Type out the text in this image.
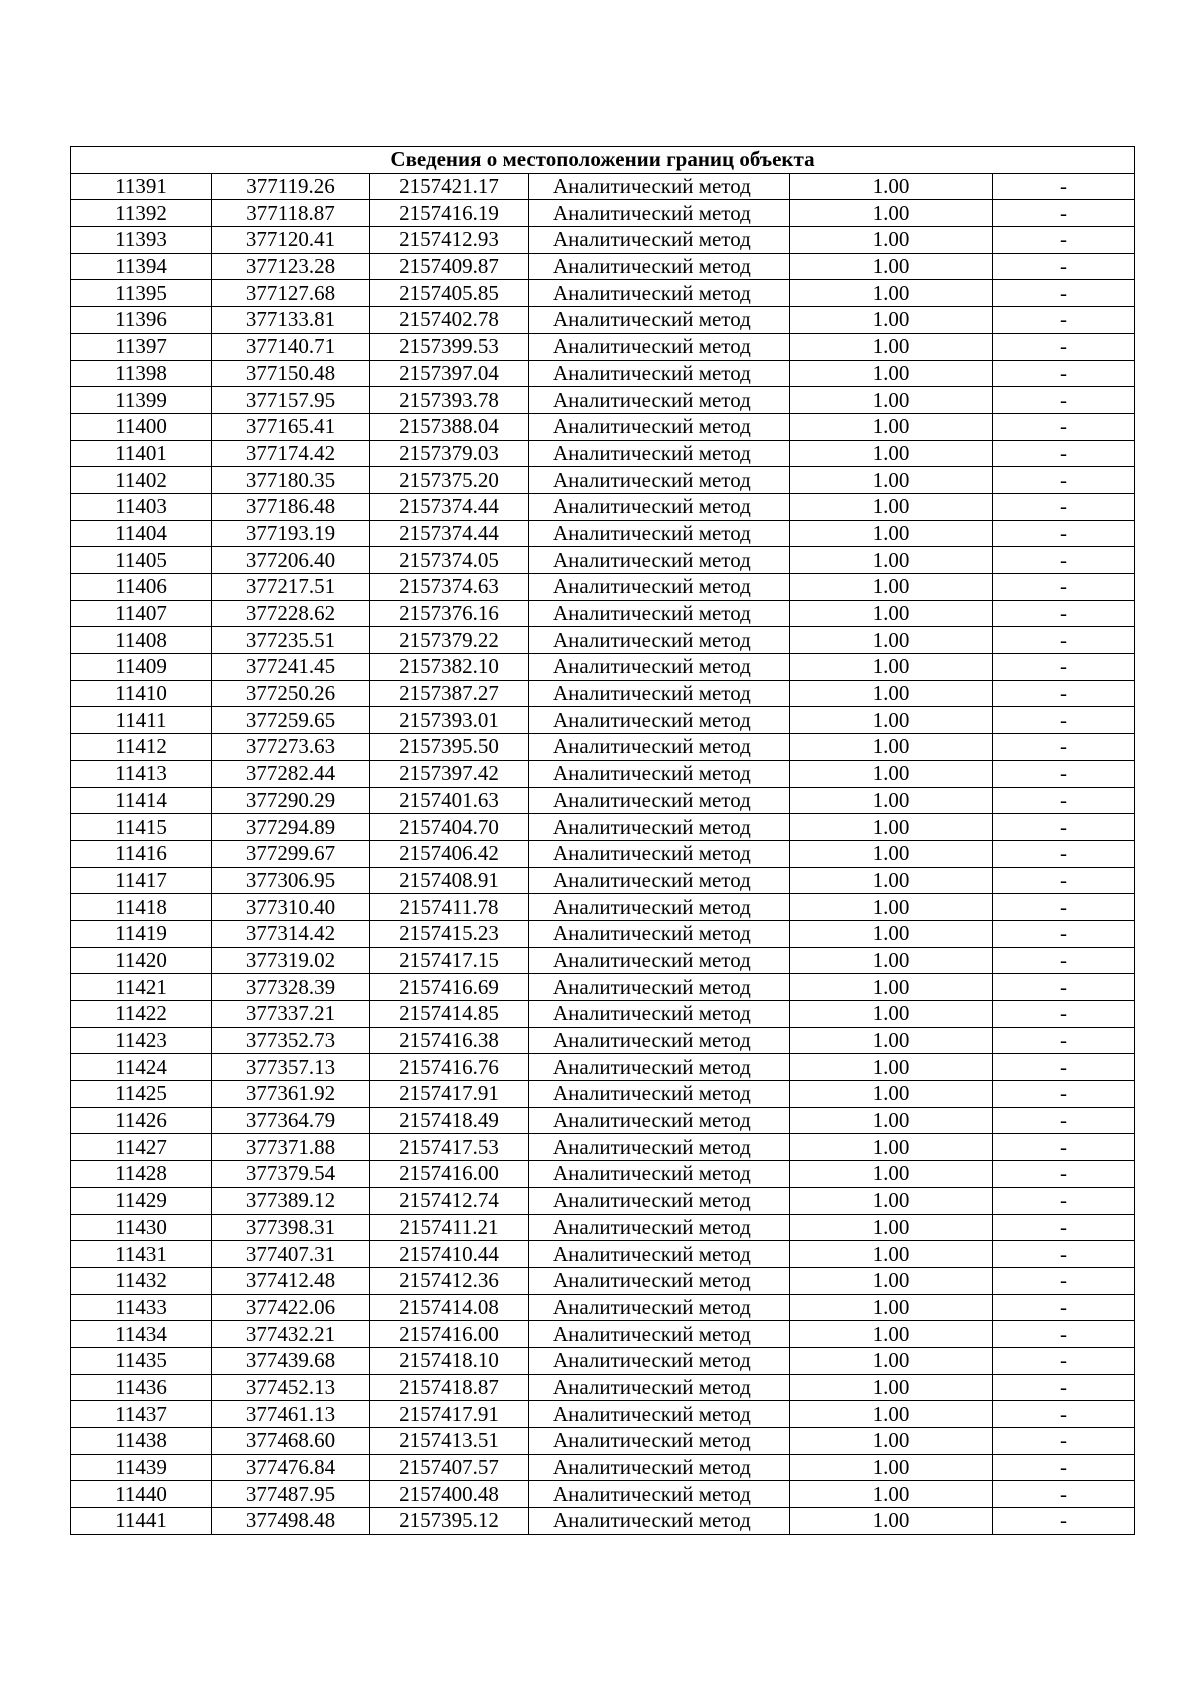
Сведения о местоположении границ объекта					
11391	377119.26	2157421.17	Аналитический метод	1.00	-
11392	377118.87	2157416.19	Аналитический метод	1.00	-
11393	377120.41	2157412.93	Аналитический метод	1.00	-
11394	377123.28	2157409.87	Аналитический метод	1.00	-
11395	377127.68	2157405.85	Аналитический метод	1.00	-
11396	377133.81	2157402.78	Аналитический метод	1.00	-
11397	377140.71	2157399.53	Аналитический метод	1.00	-
11398	377150.48	2157397.04	Аналитический метод	1.00	-
11399	377157.95	2157393.78	Аналитический метод	1.00	-
11400	377165.41	2157388.04	Аналитический метод	1.00	-
11401	377174.42	2157379.03	Аналитический метод	1.00	-
11402	377180.35	2157375.20	Аналитический метод	1.00	-
11403	377186.48	2157374.44	Аналитический метод	1.00	-
11404	377193.19	2157374.44	Аналитический метод	1.00	-
11405	377206.40	2157374.05	Аналитический метод	1.00	-
11406	377217.51	2157374.63	Аналитический метод	1.00	-
11407	377228.62	2157376.16	Аналитический метод	1.00	-
11408	377235.51	2157379.22	Аналитический метод	1.00	-
11409	377241.45	2157382.10	Аналитический метод	1.00	-
11410	377250.26	2157387.27	Аналитический метод	1.00	-
11411	377259.65	2157393.01	Аналитический метод	1.00	-
11412	377273.63	2157395.50	Аналитический метод	1.00	-
11413	377282.44	2157397.42	Аналитический метод	1.00	-
11414	377290.29	2157401.63	Аналитический метод	1.00	-
11415	377294.89	2157404.70	Аналитический метод	1.00	-
11416	377299.67	2157406.42	Аналитический метод	1.00	-
11417	377306.95	2157408.91	Аналитический метод	1.00	-
11418	377310.40	2157411.78	Аналитический метод	1.00	-
11419	377314.42	2157415.23	Аналитический метод	1.00	-
11420	377319.02	2157417.15	Аналитический метод	1.00	-
11421	377328.39	2157416.69	Аналитический метод	1.00	-
11422	377337.21	2157414.85	Аналитический метод	1.00	-
11423	377352.73	2157416.38	Аналитический метод	1.00	-
11424	377357.13	2157416.76	Аналитический метод	1.00	-
11425	377361.92	2157417.91	Аналитический метод	1.00	-
11426	377364.79	2157418.49	Аналитический метод	1.00	-
11427	377371.88	2157417.53	Аналитический метод	1.00	-
11428	377379.54	2157416.00	Аналитический метод	1.00	-
11429	377389.12	2157412.74	Аналитический метод	1.00	-
11430	377398.31	2157411.21	Аналитический метод	1.00	-
11431	377407.31	2157410.44	Аналитический метод	1.00	-
11432	377412.48	2157412.36	Аналитический метод	1.00	-
11433	377422.06	2157414.08	Аналитический метод	1.00	-
11434	377432.21	2157416.00	Аналитический метод	1.00	-
11435	377439.68	2157418.10	Аналитический метод	1.00	-
11436	377452.13	2157418.87	Аналитический метод	1.00	-
11437	377461.13	2157417.91	Аналитический метод	1.00	-
11438	377468.60	2157413.51	Аналитический метод	1.00	-
11439	377476.84	2157407.57	Аналитический метод	1.00	-
11440	377487.95	2157400.48	Аналитический метод	1.00	-
11441	377498.48	2157395.12	Аналитический метод	1.00	-
